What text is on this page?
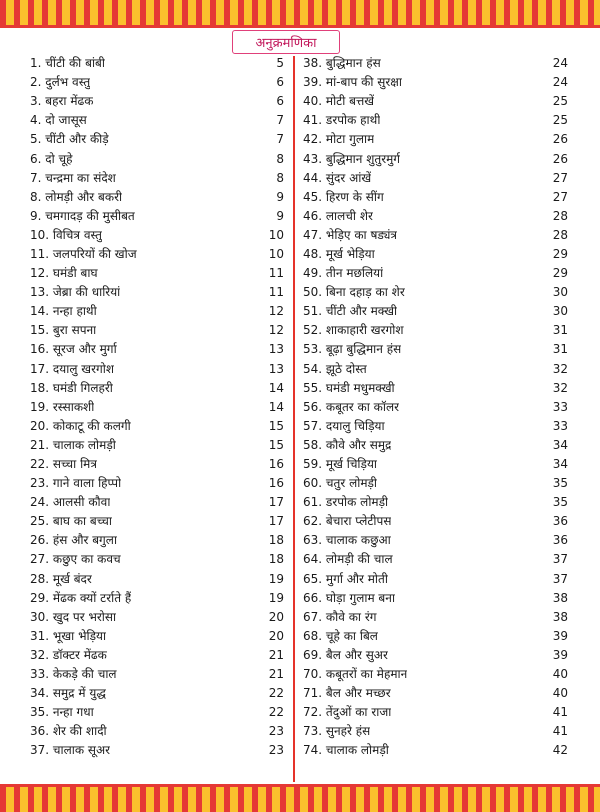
अनुक्रमणिका
1. चींटी की बांबी	5
2. दुर्लभ वस्तु	6
3. बहरा मेंढक	6
4. दो जासूस	7
5. चींटी और कीड़े	7
6. दो चूहे	8
7. चन्द्रमा का संदेश	8
8. लोमड़ी और बकरी	9
9. चमगादड़ की मुसीबत	9
10. विचित्र वस्तु	10
11. जलपरियों की खोज	10
12. घमंडी बाघ	11
13. जेब्रा की धारियां	11
14. नन्हा हाथी	12
15. बुरा सपना	12
16. सूरज और मुर्गा	13
17. दयालु खरगोश	13
18. घमंडी गिलहरी	14
19. रस्साकशी	14
20. कोकाटू की कलगी	15
21. चालाक लोमड़ी	15
22. सच्चा मित्र	16
23. गाने वाला हिप्पो	16
24. आलसी कौवा	17
25. बाघ का बच्चा	17
26. हंस और बगुला	18
27. कछुए का कवच	18
28. मूर्ख बंदर	19
29. मेंढक क्यों टर्राते हैं	19
30. खुद पर भरोसा	20
31. भूखा भेड़िया	20
32. डॉक्टर मेंढक	21
33. केकड़े की चाल	21
34. समुद्र में युद्ध	22
35. नन्हा गधा	22
36. शेर की शादी	23
37. चालाक सूअर	23
38. बुद्धिमान हंस	24
39. मां-बाप की सुरक्षा	24
40. मोटी बत्तखें	25
41. डरपोक हाथी	25
42. मोटा गुलाम	26
43. बुद्धिमान शुतुरमुर्ग	26
44. सुंदर आंखें	27
45. हिरण के सींग	27
46. लालची शेर	28
47. भेड़िए का षड्यंत्र	28
48. मूर्ख भेड़िया	29
49. तीन मछलियां	29
50. बिना दहाड़ का शेर	30
51. चींटी और मक्खी	30
52. शाकाहारी खरगोश	31
53. बूढ़ा बुद्धिमान हंस	31
54. झूठे दोस्त	32
55. घमंडी मधुमक्खी	32
56. कबूतर का कॉलर	33
57. दयालु चिड़िया	33
58. कौवे और समुद्र	34
59. मूर्ख चिड़िया	34
60. चतुर लोमड़ी	35
61. डरपोक लोमड़ी	35
62. बेचारा प्लेटीपस	36
63. चालाक कछुआ	36
64. लोमड़ी की चाल	37
65. मुर्गा और मोती	37
66. घोड़ा गुलाम बना	38
67. कौवे का रंग	38
68. चूहे का बिल	39
69. बैल और सुअर	39
70. कबूतरों का मेहमान	40
71. बैल और मच्छर	40
72. तेंदुओं का राजा	41
73. सुनहरे हंस	41
74. चालाक लोमड़ी	42
